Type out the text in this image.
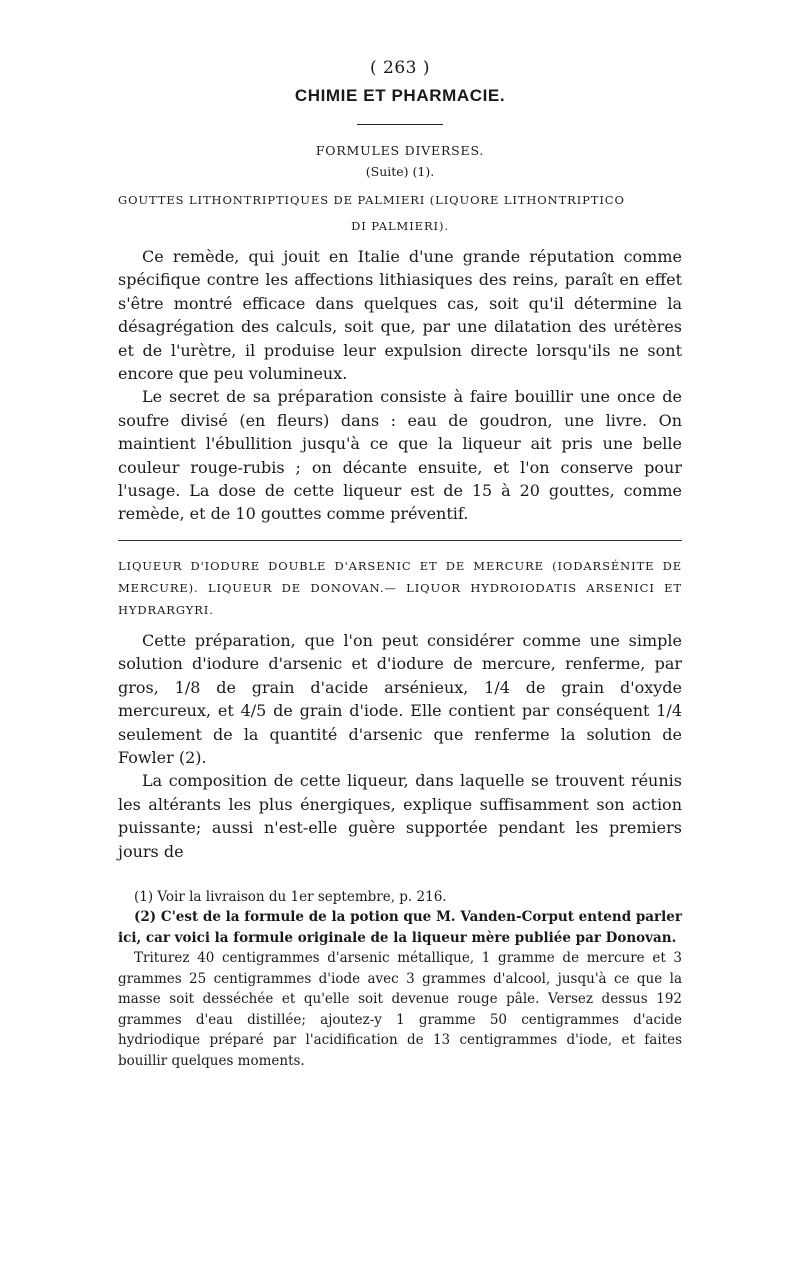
( 263 )
CHIMIE ET PHARMACIE.
FORMULES DIVERSES.
(Suite) (1).
GOUTTES LITHONTRIPTIQUES DE PALMIERI (LIQUORE LITHONTRIPTICO
DI PALMIERI).

Ce remède, qui jouit en Italie d'une grande réputation comme spécifique contre les affections lithiasiques des reins, paraît en effet s'être montré efficace dans quelques cas, soit qu'il détermine la désagrégation des calculs, soit que, par une dilatation des urétères et de l'urètre, il produise leur expulsion directe lorsqu'ils ne sont encore que peu volumineux.

Le secret de sa préparation consiste à faire bouillir une once de soufre divisé (en fleurs) dans : eau de goudron, une livre. On maintient l'ébullition jusqu'à ce que la liqueur ait pris une belle couleur rouge-rubis ; on décante ensuite, et l'on conserve pour l'usage. La dose de cette liqueur est de 15 à 20 gouttes, comme remède, et de 10 gouttes comme préventif.

LIQUEUR D'IODURE DOUBLE D'ARSENIC ET DE MERCURE (IODARSÉNITE DE MERCURE). LIQUEUR DE DONOVAN.— LIQUOR HYDROIODATIS ARSENICI ET HYDRARGYRI.

Cette préparation, que l'on peut considérer comme une simple solution d'iodure d'arsenic et d'iodure de mercure, renferme, par gros, 1/8 de grain d'acide arsénieux, 1/4 de grain d'oxyde mercureux, et 4/5 de grain d'iode. Elle contient par conséquent 1/4 seulement de la quantité d'arsenic que renferme la solution de Fowler (2).

La composition de cette liqueur, dans laquelle se trouvent réunis les altérants les plus énergiques, explique suffisamment son action puissante; aussi n'est-elle guère supportée pendant les premiers jours de

(1) Voir la livraison du 1er septembre, p. 216.

(2) C'est de la formule de la potion que M. Vanden-Corput entend parler ici, car voici la formule originale de la liqueur mère publiée par Donovan.

Triturez 40 centigrammes d'arsenic métallique, 1 gramme de mercure et 3 grammes 25 centigrammes d'iode avec 3 grammes d'alcool, jusqu'à ce que la masse soit desséchée et qu'elle soit devenue rouge pâle. Versez dessus 192 grammes d'eau distillée; ajoutez-y 1 gramme 50 centigrammes d'acide hydriodique préparé par l'acidification de 13 centigrammes d'iode, et faites bouillir quelques moments.
